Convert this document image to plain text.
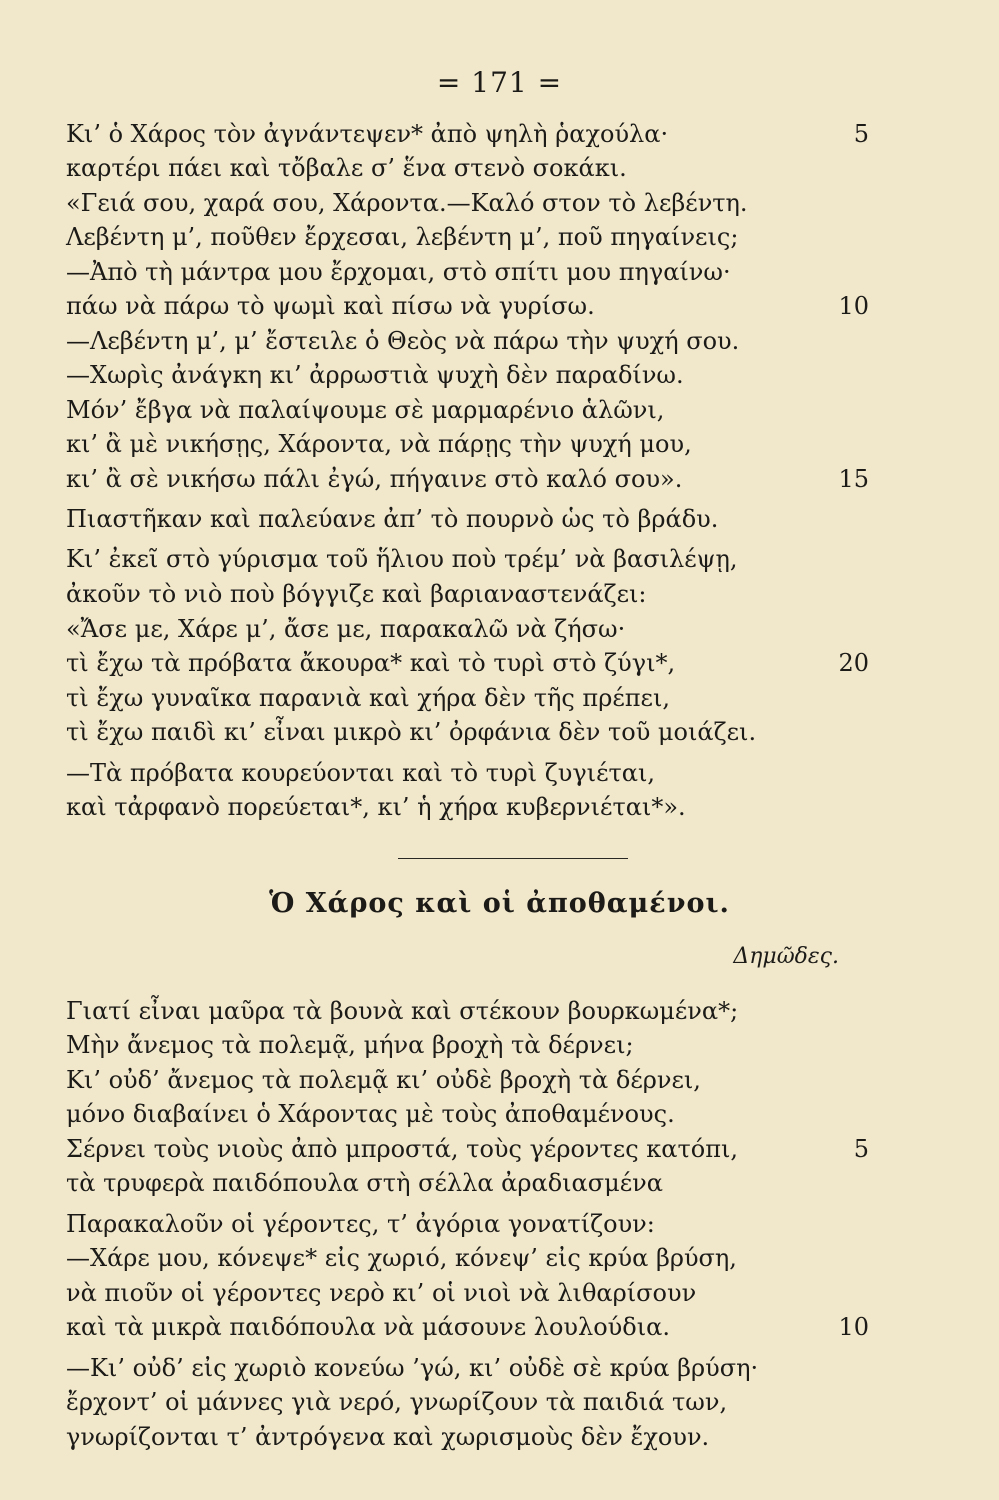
= 171 =
Κι’ ὁ Χάρος τὸν ἀγνάντεψεν* ἀπὸ ψηλὴ ῥαχούλα·
καρτέρι πάει καὶ τὄβαλε σ’ ἕνα στενὸ σοκάκι.
«Γειά σου, χαρά σου, Χάροντα.—Καλό στον τὸ λεβέντη.
Λεβέντη μ’, ποῦθεν ἔρχεσαι, λεβέντη μ’, ποῦ πηγαίνεις;
—Ἀπὸ τὴ μάντρα μου ἔρχομαι, στὸ σπίτι μου πηγαίνω·
πάω νὰ πάρω τὸ ψωμὶ καὶ πίσω νὰ γυρίσω.
—Λεβέντη μ’, μ’ ἔστειλε ὁ Θεὸς νὰ πάρω τὴν ψυχή σου.
—Χωρὶς ἀνάγκη κι’ ἀρρωστιὰ ψυχὴ δὲν παραδίνω.
Μόν’ ἔβγα νὰ παλαίψουμε σὲ μαρμαρένιο ἁλῶνι,
κι’ ἂ μὲ νικήσῃς, Χάροντα, νὰ πάρῃς τὴν ψυχή μου,
κι’ ἂ σὲ νικήσω πάλι ἐγώ, πήγαινε στὸ καλό σου».
Πιαστῆκαν καὶ παλεύανε ἀπ’ τὸ πουρνὸ ὡς τὸ βράδυ.
Κι’ ἐκεῖ στὸ γύρισμα τοῦ ἥλιου ποὺ τρέμ’ νὰ βασιλέψῃ,
ἀκοῦν τὸ νιὸ ποὺ βόγγιζε καὶ βαριαναστενάζει:
«Ἄσε με, Χάρε μ’, ἄσε με, παρακαλῶ νὰ ζήσω·
τὶ ἔχω τὰ πρόβατα ἄκουρα* καὶ τὸ τυρὶ στὸ ζύγι*,
τὶ ἔχω γυναῖκα παρανιὰ καὶ χήρα δὲν τῆς πρέπει,
τὶ ἔχω παιδὶ κι’ εἶναι μικρὸ κι’ ὀρφάνια δὲν τοῦ μοιάζει.
—Τὰ πρόβατα κουρεύονται καὶ τὸ τυρὶ ζυγιέται,
καὶ τἀρφανὸ πορεύεται*, κι’ ἡ χήρα κυβερνιέται*».
5
10
15
20
Ὁ Χάρος καὶ οἱ ἀποθαμένοι.
Δημῶδες.
Γιατί εἶναι μαῦρα τὰ βουνὰ καὶ στέκουν βουρκωμένα*;
Μὴν ἄνεμος τὰ πολεμᾷ, μήνα βροχὴ τὰ δέρνει;
Κι’ οὐδ’ ἄνεμος τὰ πολεμᾷ κι’ οὐδὲ βροχὴ τὰ δέρνει,
μόνο διαβαίνει ὁ Χάροντας μὲ τοὺς ἀποθαμένους.
Σέρνει τοὺς νιοὺς ἀπὸ μπροστά, τοὺς γέροντες κατόπι,
τὰ τρυφερὰ παιδόπουλα στὴ σέλλα ἀραδιασμένα
Παρακαλοῦν οἱ γέροντες, τ’ ἀγόρια γονατίζουν:
—Χάρε μου, κόνεψε* εἰς χωριό, κόνεψ’ εἰς κρύα βρύση,
νὰ πιοῦν οἱ γέροντες νερὸ κι’ οἱ νιοὶ νὰ λιθαρίσουν
καὶ τὰ μικρὰ παιδόπουλα νὰ μάσουνε λουλούδια.
—Κι’ οὐδ’ εἰς χωριὸ κονεύω ’γώ, κι’ οὐδὲ σὲ κρύα βρύση·
ἔρχοντ’ οἱ μάννες γιὰ νερό, γνωρίζουν τὰ παιδιά των,
γνωρίζονται τ’ ἀντρόγενα καὶ χωρισμοὺς δὲν ἔχουν.
5
10
